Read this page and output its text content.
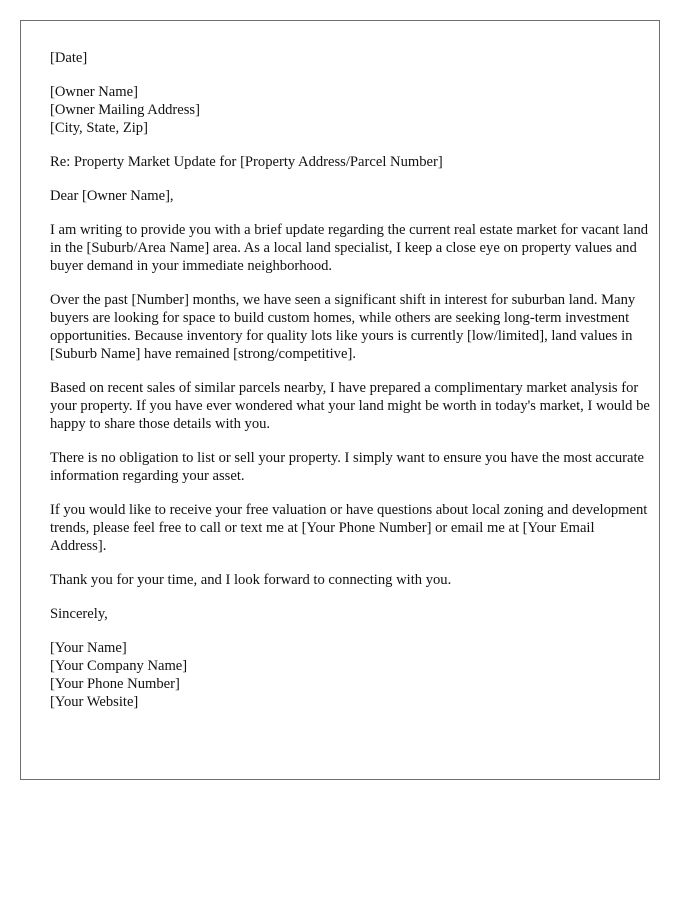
[Date]
[Owner Name]
[Owner Mailing Address]
[City, State, Zip]
Re: Property Market Update for [Property Address/Parcel Number]
Dear [Owner Name],

I am writing to provide you with a brief update regarding the current real estate market for vacant land in the [Suburb/Area Name] area. As a local land specialist, I keep a close eye on property values and buyer demand in your immediate neighborhood.

Over the past [Number] months, we have seen a significant shift in interest for suburban land. Many buyers are looking for space to build custom homes, while others are seeking long-term investment opportunities. Because inventory for quality lots like yours is currently [low/limited], land values in [Suburb Name] have remained [strong/competitive].

Based on recent sales of similar parcels nearby, I have prepared a complimentary market analysis for your property. If you have ever wondered what your land might be worth in today's market, I would be happy to share those details with you.

There is no obligation to list or sell your property. I simply want to ensure you have the most accurate information regarding your asset.

If you would like to receive your free valuation or have questions about local zoning and development trends, please feel free to call or text me at [Your Phone Number] or email me at [Your Email Address].

Thank you for your time, and I look forward to connecting with you.

Sincerely,
[Your Name]
[Your Company Name]
[Your Phone Number]
[Your Website]
